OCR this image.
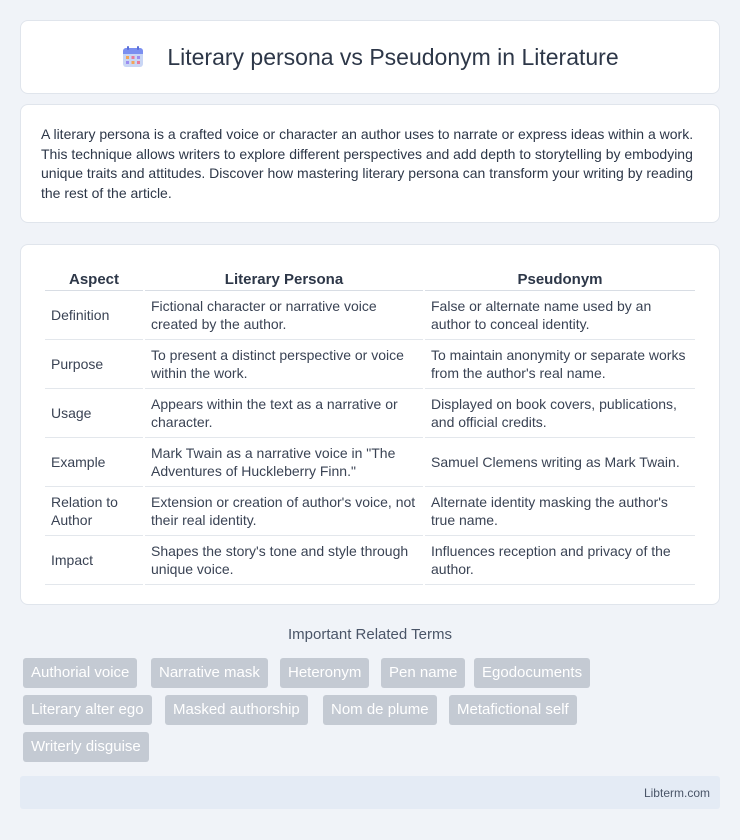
Literary persona vs Pseudonym in Literature

A literary persona is a crafted voice or character an author uses to narrate or express ideas within a work. This technique allows writers to explore different perspectives and add depth to storytelling by embodying unique traits and attitudes. Discover how mastering literary persona can transform your writing by reading the rest of the article.

Aspect	Literary Persona	Pseudonym
Definition	Fictional character or narrative voice created by the author.	False or alternate name used by an author to conceal identity.
Purpose	To present a distinct perspective or voice within the work.	To maintain anonymity or separate works from the author's real name.
Usage	Appears within the text as a narrative or character.	Displayed on book covers, publications, and official credits.
Example	Mark Twain as a narrative voice in "The Adventures of Huckleberry Finn."	Samuel Clemens writing as Mark Twain.
Relation to Author	Extension or creation of author's voice, not their real identity.	Alternate identity masking the author's true name.
Impact	Shapes the story's tone and style through unique voice.	Influences reception and privacy of the author.
Important Related Terms
Authorial voice	Narrative mask	Heteronym	Pen name	Egodocuments
Literary alter ego	Masked authorship	Nom de plume	Metafictional self
Writerly disguise
Libterm.com
